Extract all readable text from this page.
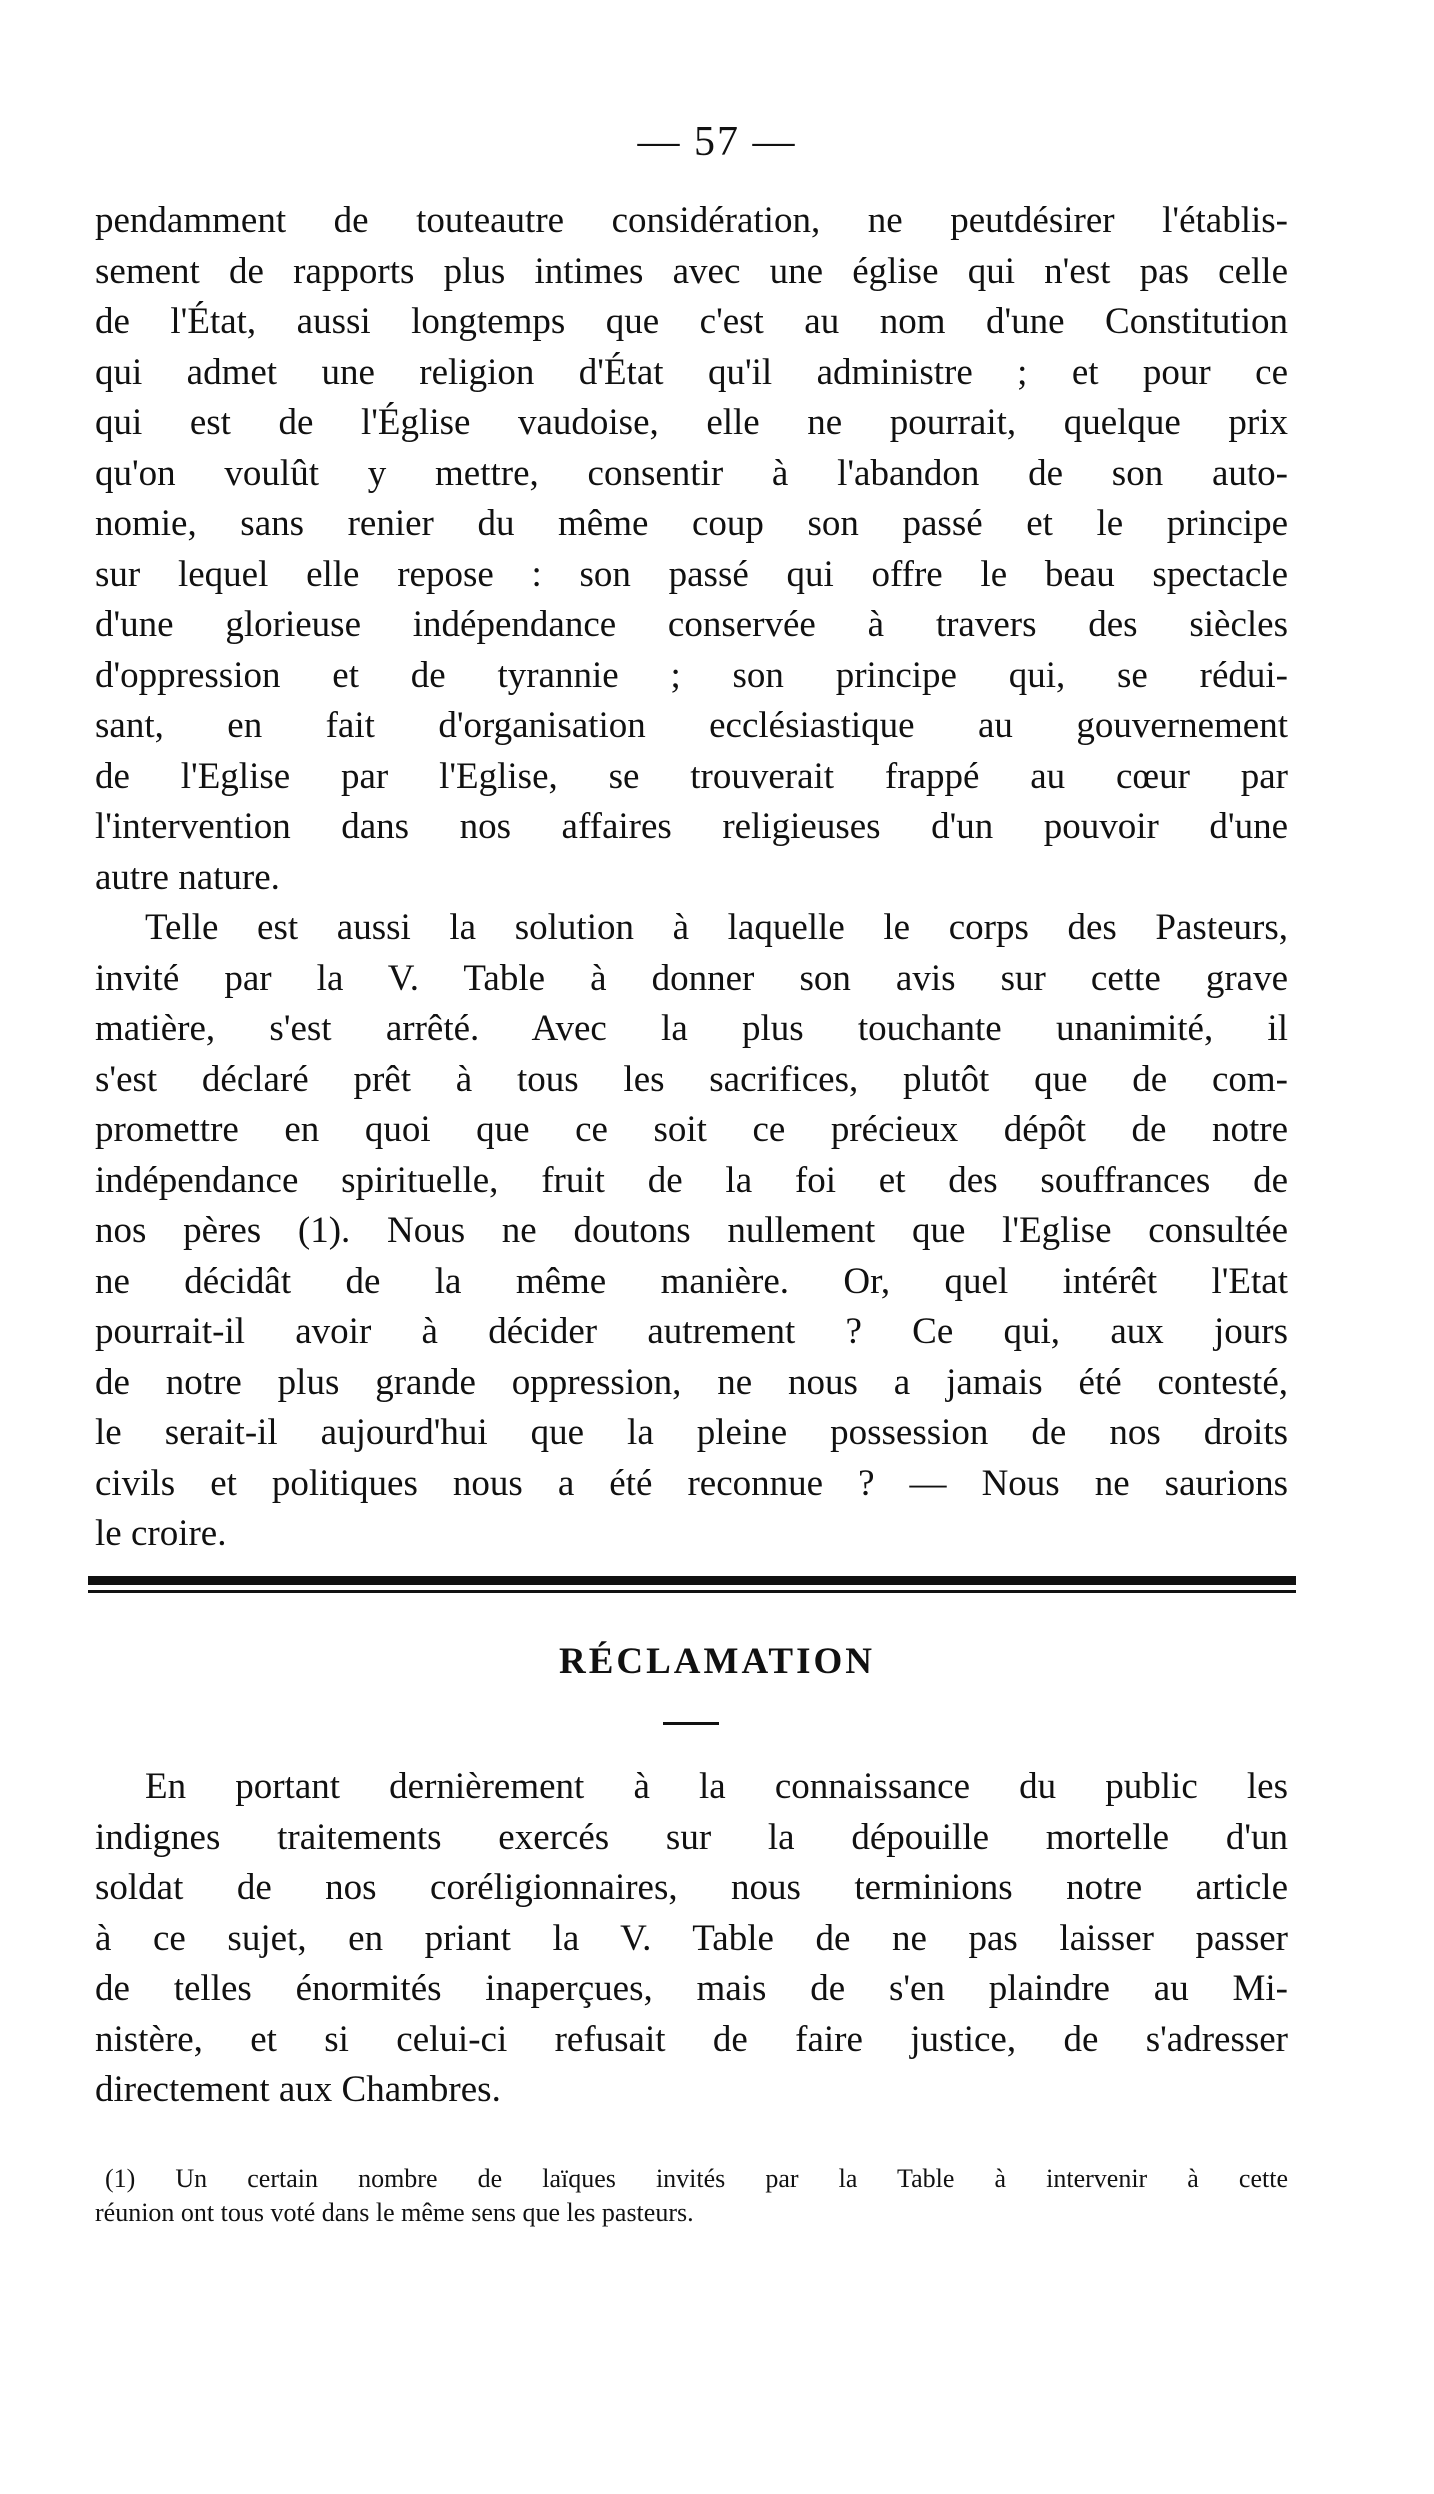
— 57 —
pendamment de touteautre considération, ne peutdésirer l'établis-
sement de rapports plus intimes avec une église qui n'est pas celle
de l'État, aussi longtemps que c'est au nom d'une Constitution
qui admet une religion d'État qu'il administre ; et pour ce
qui est de l'Église vaudoise, elle ne pourrait, quelque prix
qu'on voulût y mettre, consentir à l'abandon de son auto-
nomie, sans renier du même coup son passé et le principe
sur lequel elle repose : son passé qui offre le beau spectacle
d'une glorieuse indépendance conservée à travers des siècles
d'oppression et de tyrannie ; son principe qui, se rédui-
sant, en fait d'organisation ecclésiastique au gouvernement
de l'Eglise par l'Eglise, se trouverait frappé au cœur par
l'intervention dans nos affaires religieuses d'un pouvoir d'une
autre nature.
Telle est aussi la solution à laquelle le corps des Pasteurs,
invité par la V. Table à donner son avis sur cette grave
matière, s'est arrêté. Avec la plus touchante unanimité, il
s'est déclaré prêt à tous les sacrifices, plutôt que de com-
promettre en quoi que ce soit ce précieux dépôt de notre
indépendance spirituelle, fruit de la foi et des souffrances de
nos pères (1). Nous ne doutons nullement que l'Eglise consultée
ne décidât de la même manière. Or, quel intérêt l'Etat
pourrait-il avoir à décider autrement ? Ce qui, aux jours
de notre plus grande oppression, ne nous a jamais été contesté,
le serait-il aujourd'hui que la pleine possession de nos droits
civils et politiques nous a été reconnue ? — Nous ne saurions
le croire.
RÉCLAMATION
En portant dernièrement à la connaissance du public les
indignes traitements exercés sur la dépouille mortelle d'un
soldat de nos coréligionnaires, nous terminions notre article
à ce sujet, en priant la V. Table de ne pas laisser passer
de telles énormités inaperçues, mais de s'en plaindre au Mi-
nistère, et si celui-ci refusait de faire justice, de s'adresser
directement aux Chambres.
(1) Un certain nombre de laïques invités par la Table à intervenir à cette
réunion ont tous voté dans le même sens que les pasteurs.
